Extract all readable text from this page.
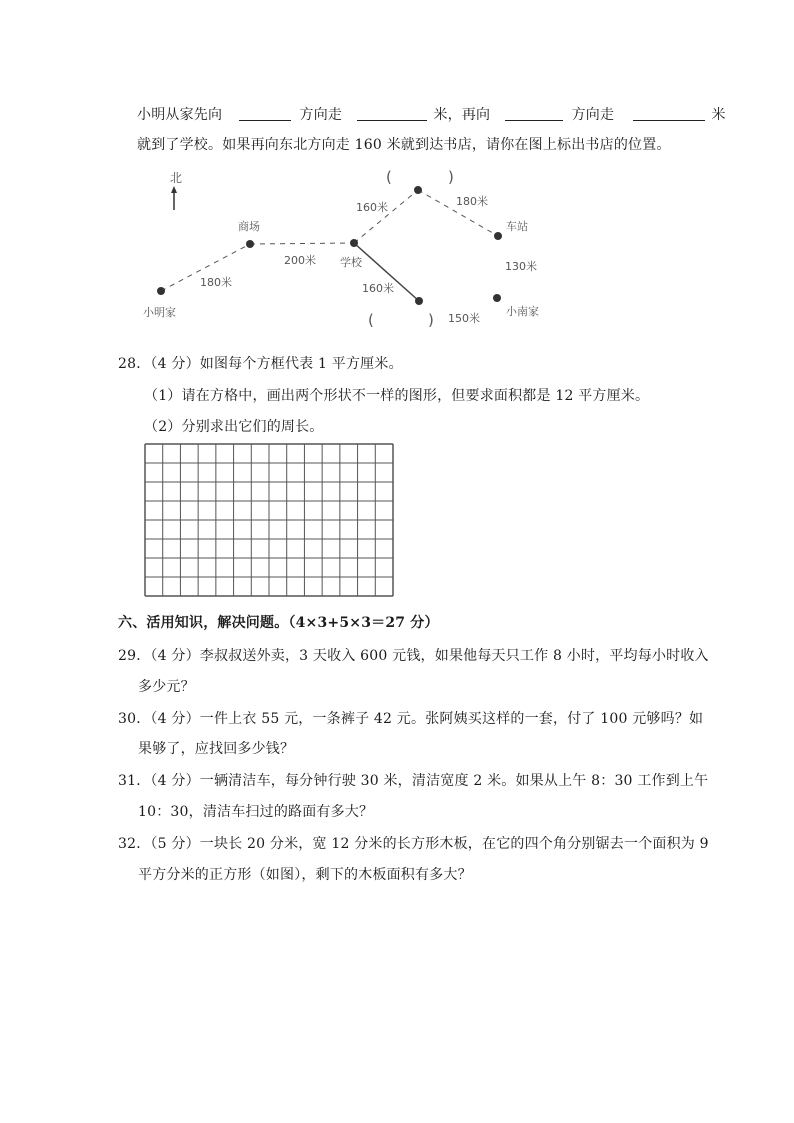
小明从家先向	方向走	米，再向	方向走	米
就到了学校。如果再向东北方向走 160 米就到达书店，请你在图上标出书店的位置。
北
小明家
商场
学校
车站
小南家
180米
200米
160米	180米
130米
160米
150米
(	)
(	)
28．（4 分）如图每个方框代表 1 平方厘米。
（1）请在方格中，画出两个形状不一样的图形，但要求面积都是 12 平方厘米。
（2）分别求出它们的周长。
六、活用知识，解决问题。（4×3+5×3＝27 分）
29．（4 分）李叔叔送外卖，3 天收入 600 元钱，如果他每天只工作 8 小时，平均每小时收入
多少元？
30．（4 分）一件上衣 55 元，一条裤子 42 元。张阿姨买这样的一套，付了 100 元够吗？如
果够了，应找回多少钱？
31．（4 分）一辆清洁车，每分钟行驶 30 米，清洁宽度 2 米。如果从上午 8：30 工作到上午
10：30，清洁车扫过的路面有多大？
32．（5 分）一块长 20 分米，宽 12 分米的长方形木板，在它的四个角分别锯去一个面积为 9
平方分米的正方形（如图），剩下的木板面积有多大？
